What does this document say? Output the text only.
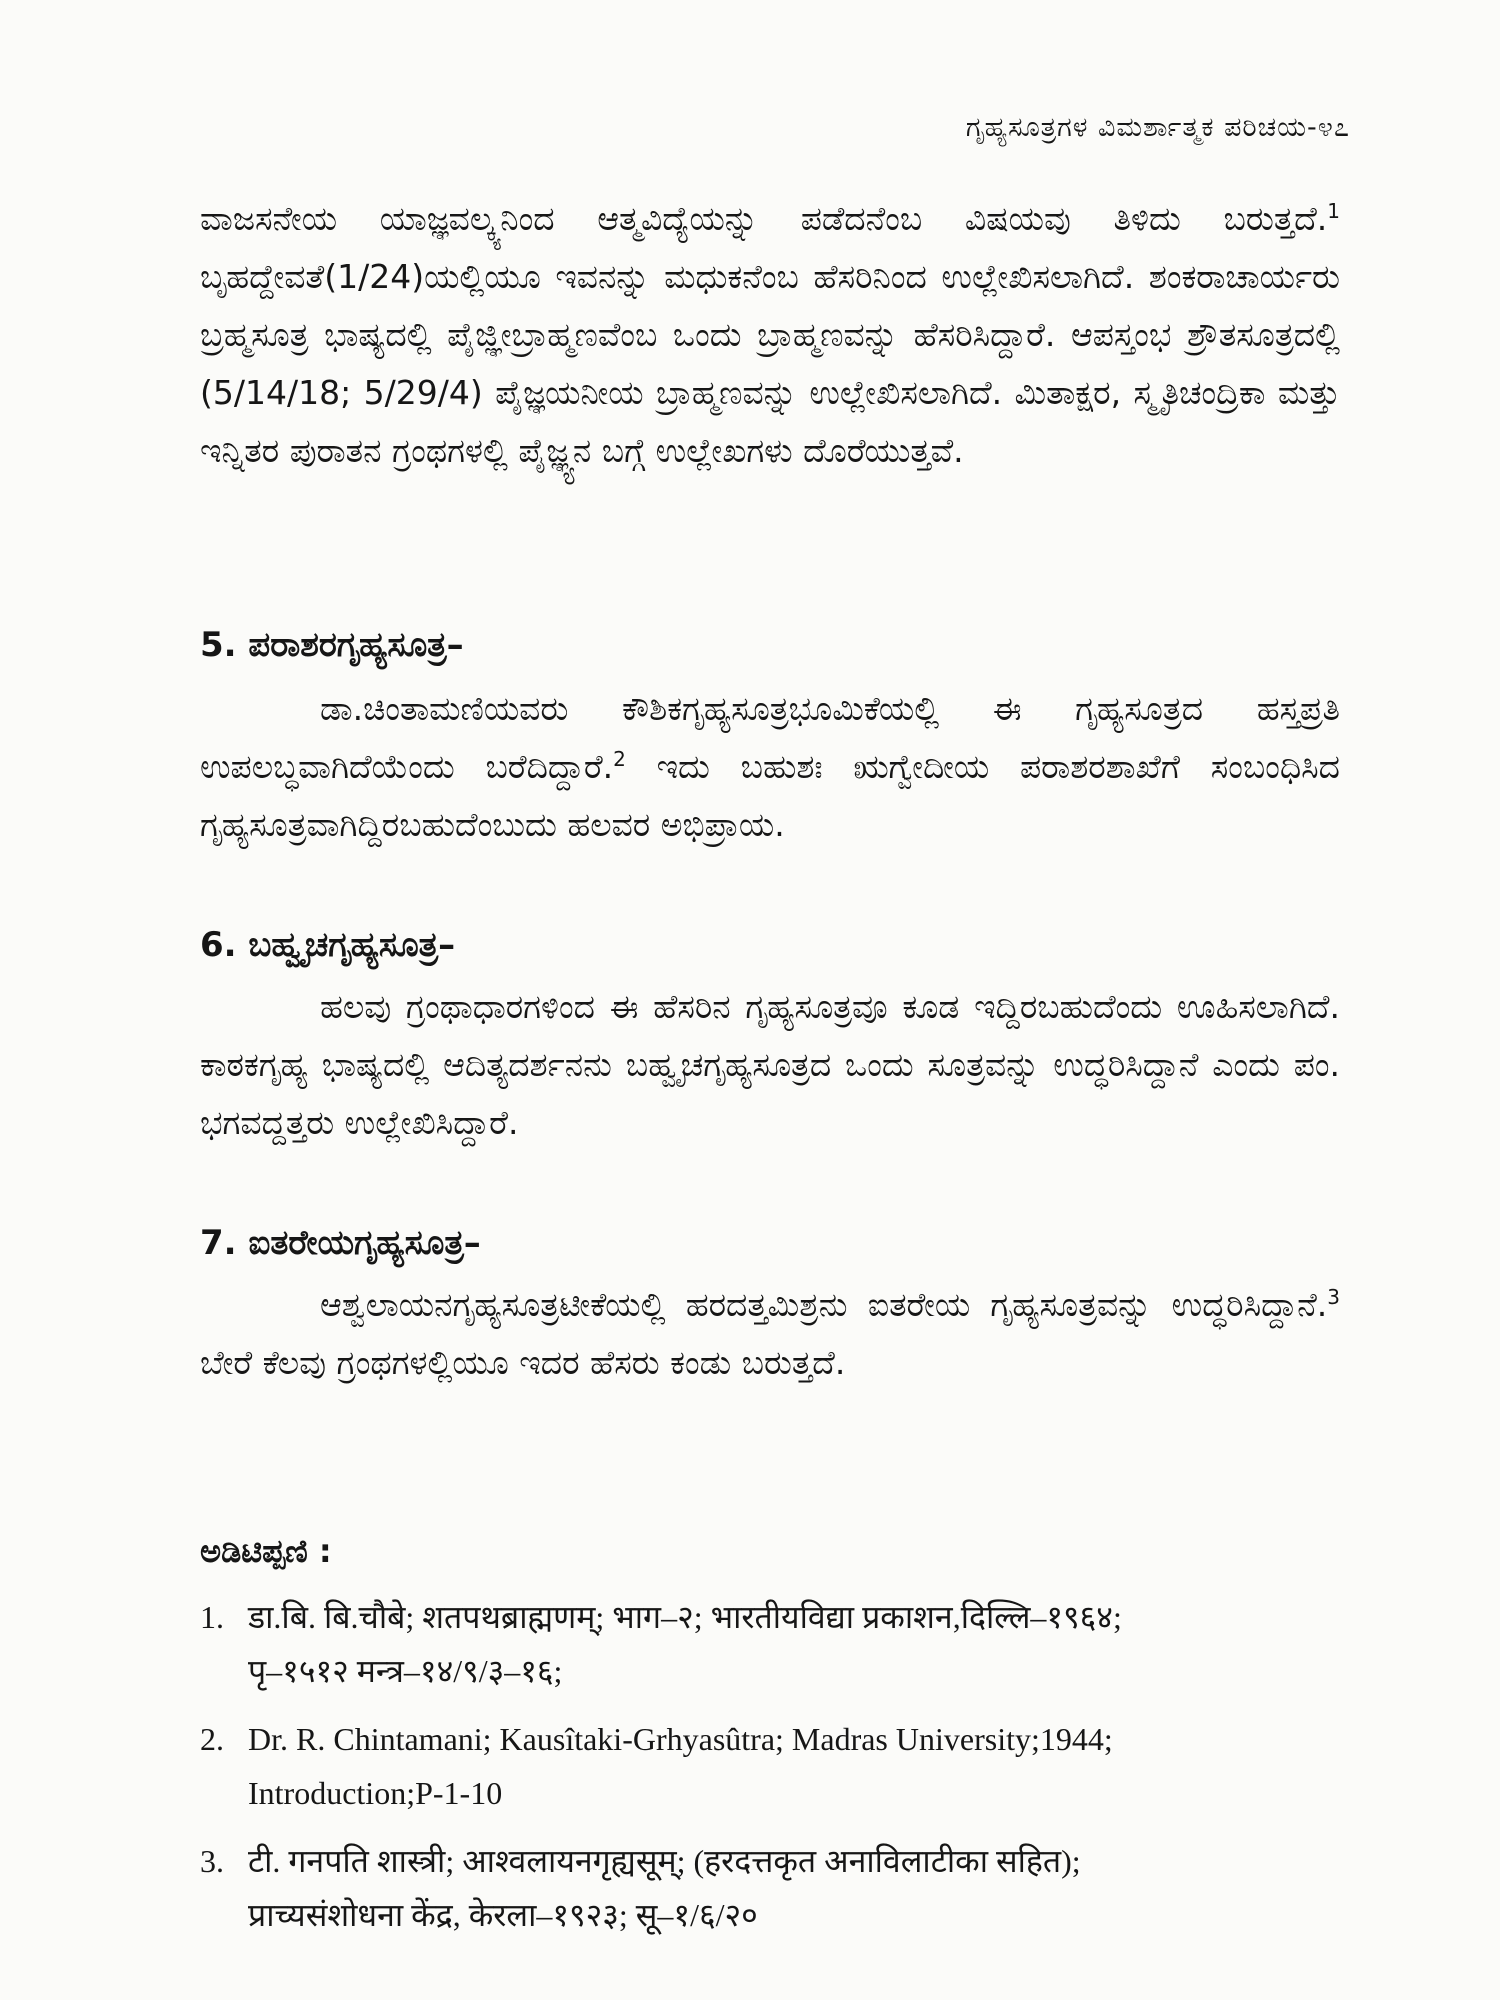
ಗೃಹ್ಯಸೂತ್ರಗಳ ವಿಮರ್ಶಾತ್ಮಕ ಪರಿಚಯ-೪೭

ವಾಜಸನೇಯ ಯಾಜ್ಞವಲ್ಕ್ಯನಿಂದ ಆತ್ಮವಿದ್ಯೆಯನ್ನು ಪಡೆದನೆಂಬ ವಿಷಯವು ತಿಳಿದು ಬರುತ್ತದೆ.$^1$ ಬೃಹದ್ದೇವತೆ(1/24)ಯಲ್ಲಿಯೂ ಇವನನ್ನು ಮಧುಕನೆಂಬ ಹೆಸರಿನಿಂದ ಉಲ್ಲೇಖಿಸಲಾಗಿದೆ. ಶಂಕರಾಚಾರ್ಯರು ಬ್ರಹ್ಮಸೂತ್ರ ಭಾಷ್ಯದಲ್ಲಿ ಪೈಜ್ಞೀಬ್ರಾಹ್ಮಣವೆಂಬ ಒಂದು ಬ್ರಾಹ್ಮಣವನ್ನು ಹೆಸರಿಸಿದ್ದಾರೆ. ಆಪಸ್ತಂಭ ಶ್ರೌತಸೂತ್ರದಲ್ಲಿ (5/14/18; 5/29/4) ಪೈಜ್ಞಯನೀಯ ಬ್ರಾಹ್ಮಣವನ್ನು ಉಲ್ಲೇಖಿಸಲಾಗಿದೆ. ಮಿತಾಕ್ಷರ, ಸ್ಮೃತಿಚಂದ್ರಿಕಾ ಮತ್ತು ಇನ್ನಿತರ ಪುರಾತನ ಗ್ರಂಥಗಳಲ್ಲಿ ಪೈಜ್ಞ್ಯನ ಬಗ್ಗೆ ಉಲ್ಲೇಖಗಳು ದೊರೆಯುತ್ತವೆ.

5. ಪರಾಶರಗೃಹ್ಯಸೂತ್ರ–

ಡಾ.ಚಿಂತಾಮಣಿಯವರು ಕೌಶಿಕಗೃಹ್ಯಸೂತ್ರಭೂಮಿಕೆಯಲ್ಲಿ ಈ ಗೃಹ್ಯಸೂತ್ರದ ಹಸ್ತಪ್ರತಿ ಉಪಲಬ್ಧವಾಗಿದೆಯೆಂದು ಬರೆದಿದ್ದಾರೆ.$^2$ ಇದು ಬಹುಶಃ ಋಗ್ವೇದೀಯ ಪರಾಶರಶಾಖೆಗೆ ಸಂಬಂಧಿಸಿದ ಗೃಹ್ಯಸೂತ್ರವಾಗಿದ್ದಿರಬಹುದೆಂಬುದು ಹಲವರ ಅಭಿಪ್ರಾಯ.

6. ಬಹ್ವೃಚಗೃಹ್ಯಸೂತ್ರ–

ಹಲವು ಗ್ರಂಥಾಧಾರಗಳಿಂದ ಈ ಹೆಸರಿನ ಗೃಹ್ಯಸೂತ್ರವೂ ಕೂಡ ಇದ್ದಿರಬಹುದೆಂದು ಊಹಿಸಲಾಗಿದೆ. ಕಾಠಕಗೃಹ್ಯ ಭಾಷ್ಯದಲ್ಲಿ ಆದಿತ್ಯದರ್ಶನನು ಬಹ್ವೃಚಗೃಹ್ಯಸೂತ್ರದ ಒಂದು ಸೂತ್ರವನ್ನು ಉದ್ಧರಿಸಿದ್ದಾನೆ ಎಂದು ಪಂ. ಭಗವದ್ದತ್ತರು ಉಲ್ಲೇಖಿಸಿದ್ದಾರೆ.

7. ಐತರೇಯಗೃಹ್ಯಸೂತ್ರ–

ಆಶ್ವಲಾಯನಗೃಹ್ಯಸೂತ್ರಟೀಕೆಯಲ್ಲಿ ಹರದತ್ತಮಿಶ್ರನು ಐತರೇಯ ಗೃಹ್ಯಸೂತ್ರವನ್ನು ಉದ್ಧರಿಸಿದ್ದಾನೆ.$^3$ ಬೇರೆ ಕೆಲವು ಗ್ರಂಥಗಳಲ್ಲಿಯೂ ಇದರ ಹೆಸರು ಕಂಡು ಬರುತ್ತದೆ.

ಅಡಿಟಿಪ್ಪಣಿ :
1. डा.बि. बि.चौबे; शतपथब्राह्मणम्; भाग–२; भारतीयविद्या प्रकाशन,दिल्लि–१९६४;
पृ–१५१२ मन्त्र–१४/९/३–१६;
2. Dr. R. Chintamani; Kausîtaki-Grhyasûtra; Madras University;1944;
Introduction;P-1-10
3. टी. गनपति शास्त्री; आश्वलायनगृह्यसूम्; (हरदत्तकृत अनाविलाटीका सहित);
प्राच्यसंशोधना केंद्र, केरला–१९२३; सू–१/६/२०
